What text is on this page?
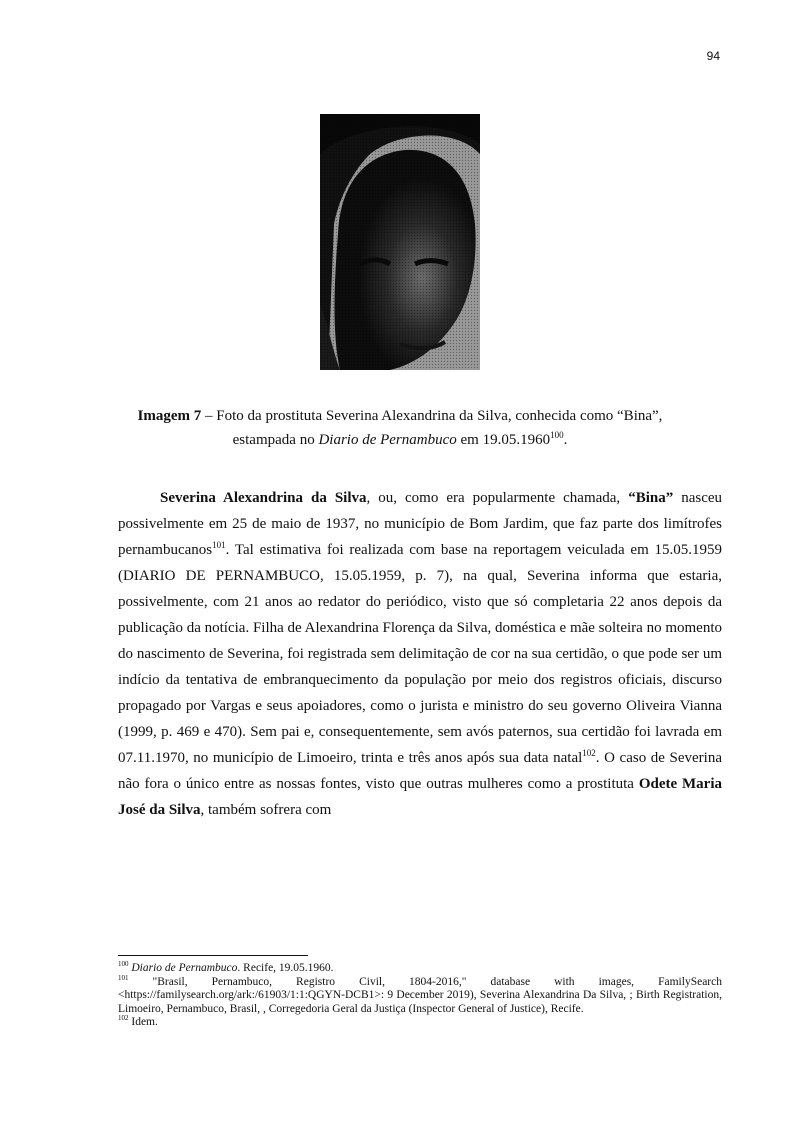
94
Imagem 7 – Foto da prostituta Severina Alexandrina da Silva, conhecida como “Bina”, estampada no Diario de Pernambuco em 19.05.1960$^{100}$.

Severina Alexandrina da Silva, ou, como era popularmente chamada, “Bina” nasceu possivelmente em 25 de maio de 1937, no município de Bom Jardim, que faz parte dos limítrofes pernambucanos$^{101}$. Tal estimativa foi realizada com base na reportagem veiculada em 15.05.1959 (DIARIO DE PERNAMBUCO, 15.05.1959, p. 7), na qual, Severina informa que estaria, possivelmente, com 21 anos ao redator do periódico, visto que só completaria 22 anos depois da publicação da notícia. Filha de Alexandrina Florença da Silva, doméstica e mãe solteira no momento do nascimento de Severina, foi registrada sem delimitação de cor na sua certidão, o que pode ser um indício da tentativa de embranquecimento da população por meio dos registros oficiais, discurso propagado por Vargas e seus apoiadores, como o jurista e ministro do seu governo Oliveira Vianna (1999, p. 469 e 470). Sem pai e, consequentemente, sem avós paternos, sua certidão foi lavrada em 07.11.1970, no município de Limoeiro, trinta e três anos após sua data natal$^{102}$. O caso de Severina não fora o único entre as nossas fontes, visto que outras mulheres como a prostituta Odete Maria José da Silva, também sofrera com

$^{100}$ Diario de Pernambuco. Recife, 19.05.1960.

$^{101}$ "Brasil, Pernambuco, Registro Civil, 1804-2016," database with images, FamilySearch <https://familysearch.org/ark:/61903/1:1:QGYN-DCB1>: 9 December 2019), Severina Alexandrina Da Silva, ; Birth Registration, Limoeiro, Pernambuco, Brasil, , Corregedoria Geral da Justiça (Inspector General of Justice), Recife.

$^{102}$ Idem.
